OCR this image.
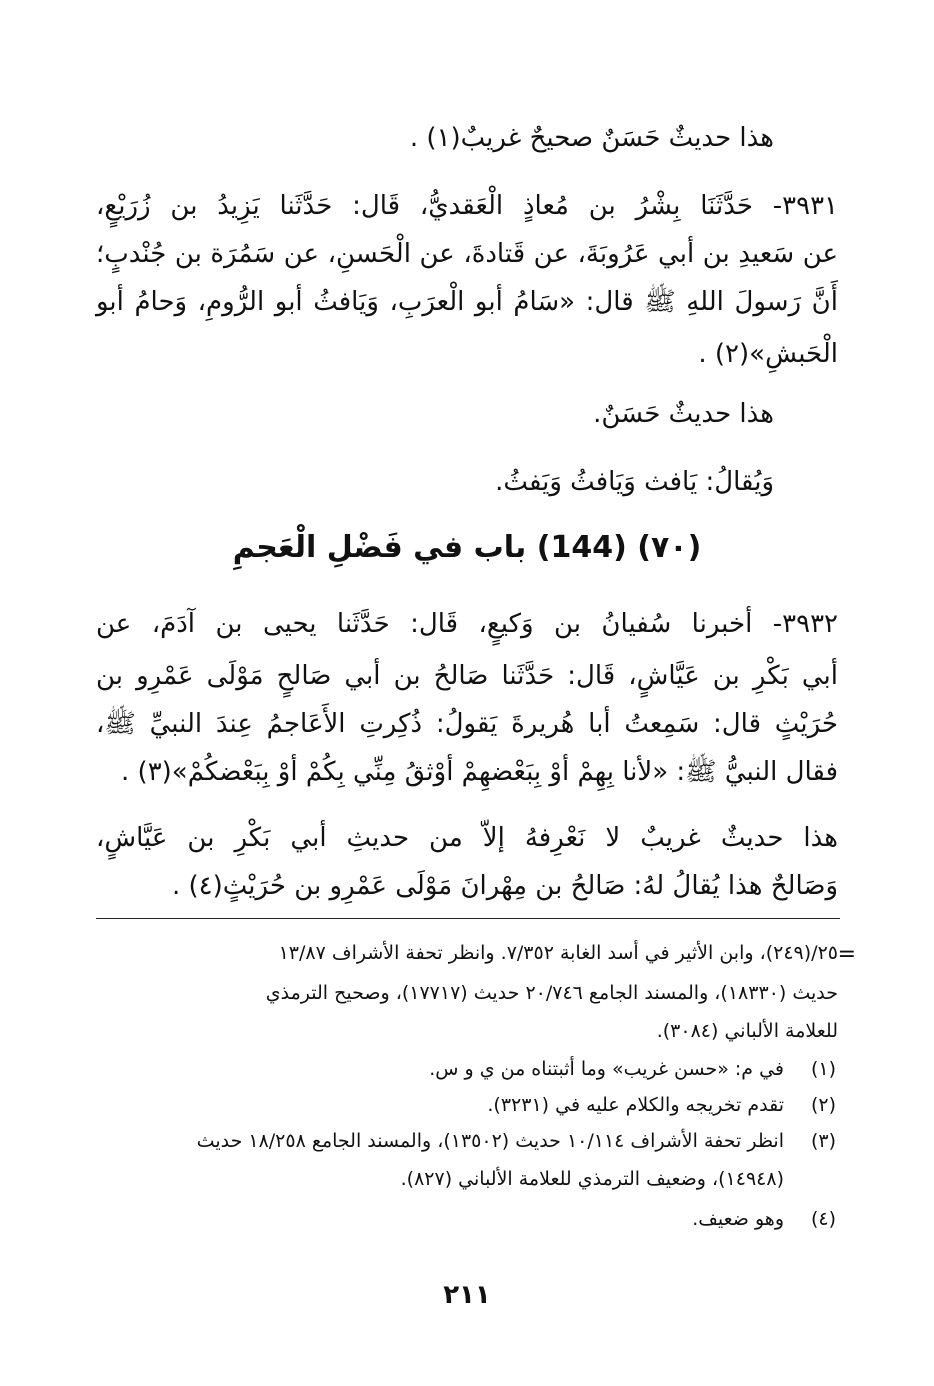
هذا حديثٌ حَسَنٌ صحيحٌ غريبٌ(١) .
٣٩٣١- حَدَّثَنَا بِشْرُ بن مُعاذٍ الْعَقديُّ، قَال: حَدَّثَنا يَزِيدُ بن زُرَيْعٍ،
عن سَعيدِ بن أبي عَرُوبَةَ، عن قَتادةَ، عن الْحَسنِ، عن سَمُرَة بن جُنْدبٍ؛
أَنَّ رَسولَ اللهِ ﷺ قال: «سَامُ أبو الْعرَبِ، وَيَافثُ أبو الرُّومِ، وَحامُ أبو
الْحَبشِ»(٢) .
هذا حديثٌ حَسَنٌ.
وَيُقالُ: يَافث وَيَافثُ وَيَفثُ.
(٧٠) (144) باب في فَضْلِ الْعَجمِ
٣٩٣٢- أخبرنا سُفيانُ بن وَكيعٍ، قَال: حَدَّثَنا يحيى بن آدَمَ، عن
أبي بَكْرِ بن عَيَّاشٍ، قَال: حَدَّثَنا صَالحُ بن أبي صَالحٍ مَوْلَى عَمْرِو بن
حُرَيْثٍ قال: سَمِعتُ أبا هُريرةَ يَقولُ: ذُكِرتِ الأَعَاجمُ عِندَ النبيِّ ﷺ،
فقال النبيُّ ﷺ: «لأنا بِهِمْ أوْ بِبَعْضهِمْ أوْثقُ مِنِّي بِكُمْ أوْ بِبَعْضكُمْ»(٣) .
هذا حديثٌ غريبٌ لا نَعْرِفهُ إلاّ من حديثِ أبي بَكْرِ بن عَيَّاشٍ،
وَصَالحٌ هذا يُقالُ لهُ: صَالحُ بن مِهْرانَ مَوْلَى عَمْرِو بن حُرَيْثٍ(٤) .
=
٢٥/(٢٤٩)، وابن الأثير في أسد الغابة ٧/٣٥٢. وانظر تحفة الأشراف ١٣/٨٧
حديث (١٨٣٣٠)، والمسند الجامع ٢٠/٧٤٦ حديث (١٧٧١٧)، وصحيح الترمذي
للعلامة الألباني (٣٠٨٤).
(١)
في م: «حسن غريب» وما أثبتناه من ي و س.
(٢)
تقدم تخريجه والكلام عليه في (٣٢٣١).
(٣)
انظر تحفة الأشراف ١٠/١١٤ حديث (١٣٥٠٢)، والمسند الجامع ١٨/٢٥٨ حديث
(١٤٩٤٨)، وضعيف الترمذي للعلامة الألباني (٨٢٧).
(٤)
وهو ضعيف.
٢١١
